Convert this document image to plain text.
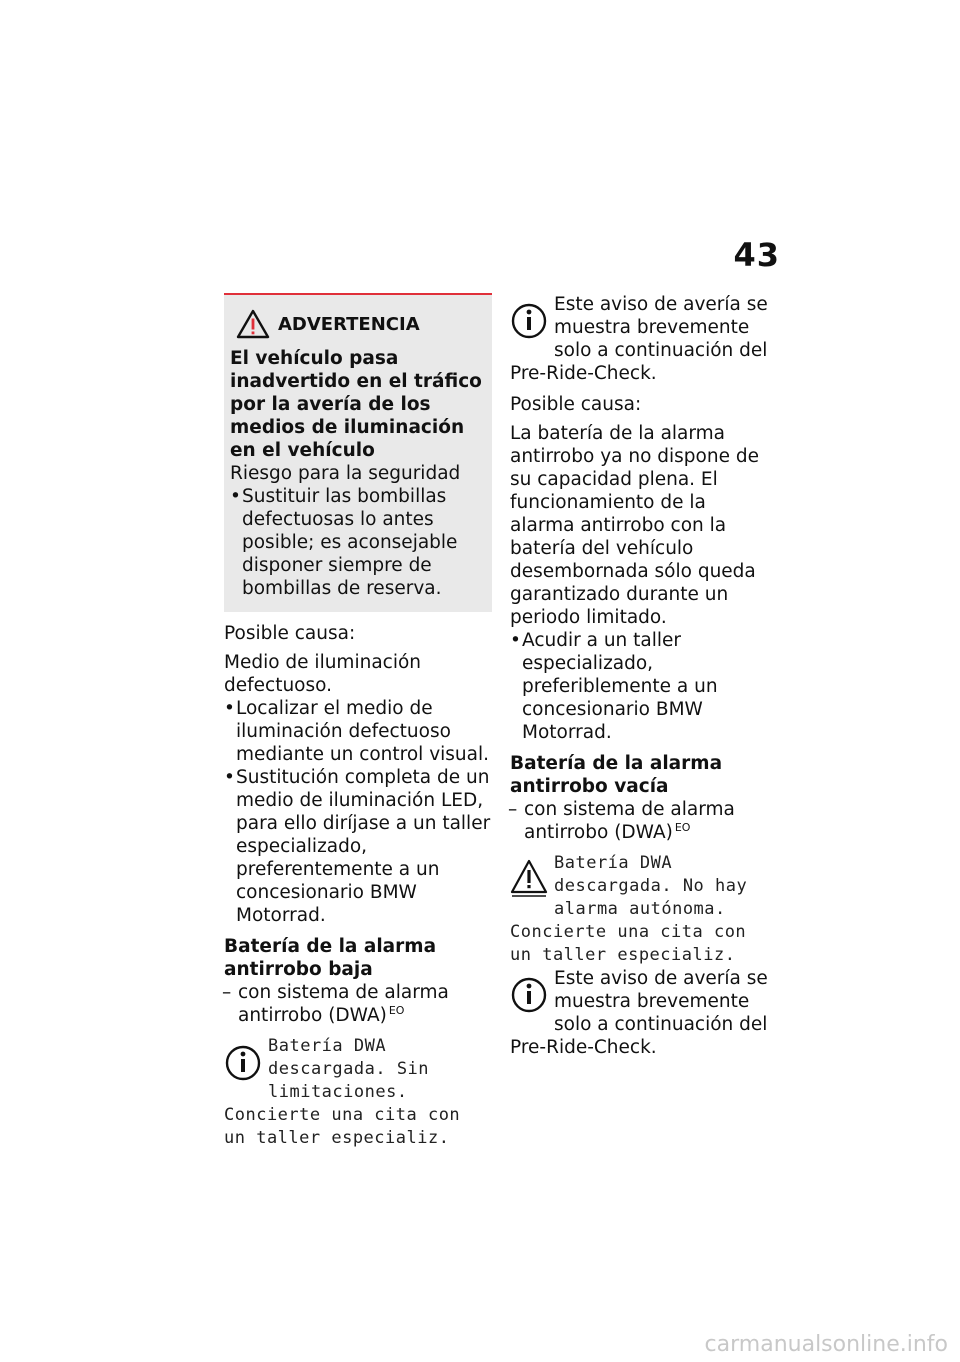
43
ADVERTENCIA

El vehículo pasa inadvertido en el tráfico por la avería de los medios de iluminación en el vehículo

Riesgo para la seguridad

• Sustituir las bombillas defectuosas lo antes posible; es aconsejable disponer siempre de bombillas de reserva.

Posible causa:

Medio de iluminación defectuoso.

• Localizar el medio de iluminación defectuoso mediante un control visual.

• Sustitución completa de un medio de iluminación LED, para ello diríjase a un taller especializado, preferentemente a un concesionario BMW Motorrad.

Batería de la alarma antirrobo baja

– con sistema de alarma antirrobo (DWA) $^{EO}$

Batería DWA descargada. Sin limitaciones. Concierte una cita con un taller especializ.

Este aviso de avería se muestra brevemente solo a continuación del Pre-Ride-Check.

Posible causa:

La batería de la alarma antirrobo ya no dispone de su capacidad plena. El funcionamiento de la alarma antirrobo con la batería del vehículo desembornada sólo queda garantizado durante un periodo limitado.

• Acudir a un taller especializado, preferiblemente a un concesionario BMW Motorrad.

Batería de la alarma antirrobo vacía

– con sistema de alarma antirrobo (DWA) $^{EO}$

Batería DWA descargada. No hay alarma autónoma. Concierte una cita con un taller especializ.

Este aviso de avería se muestra brevemente solo a continuación del Pre-Ride-Check.

carmanualsonline.info
